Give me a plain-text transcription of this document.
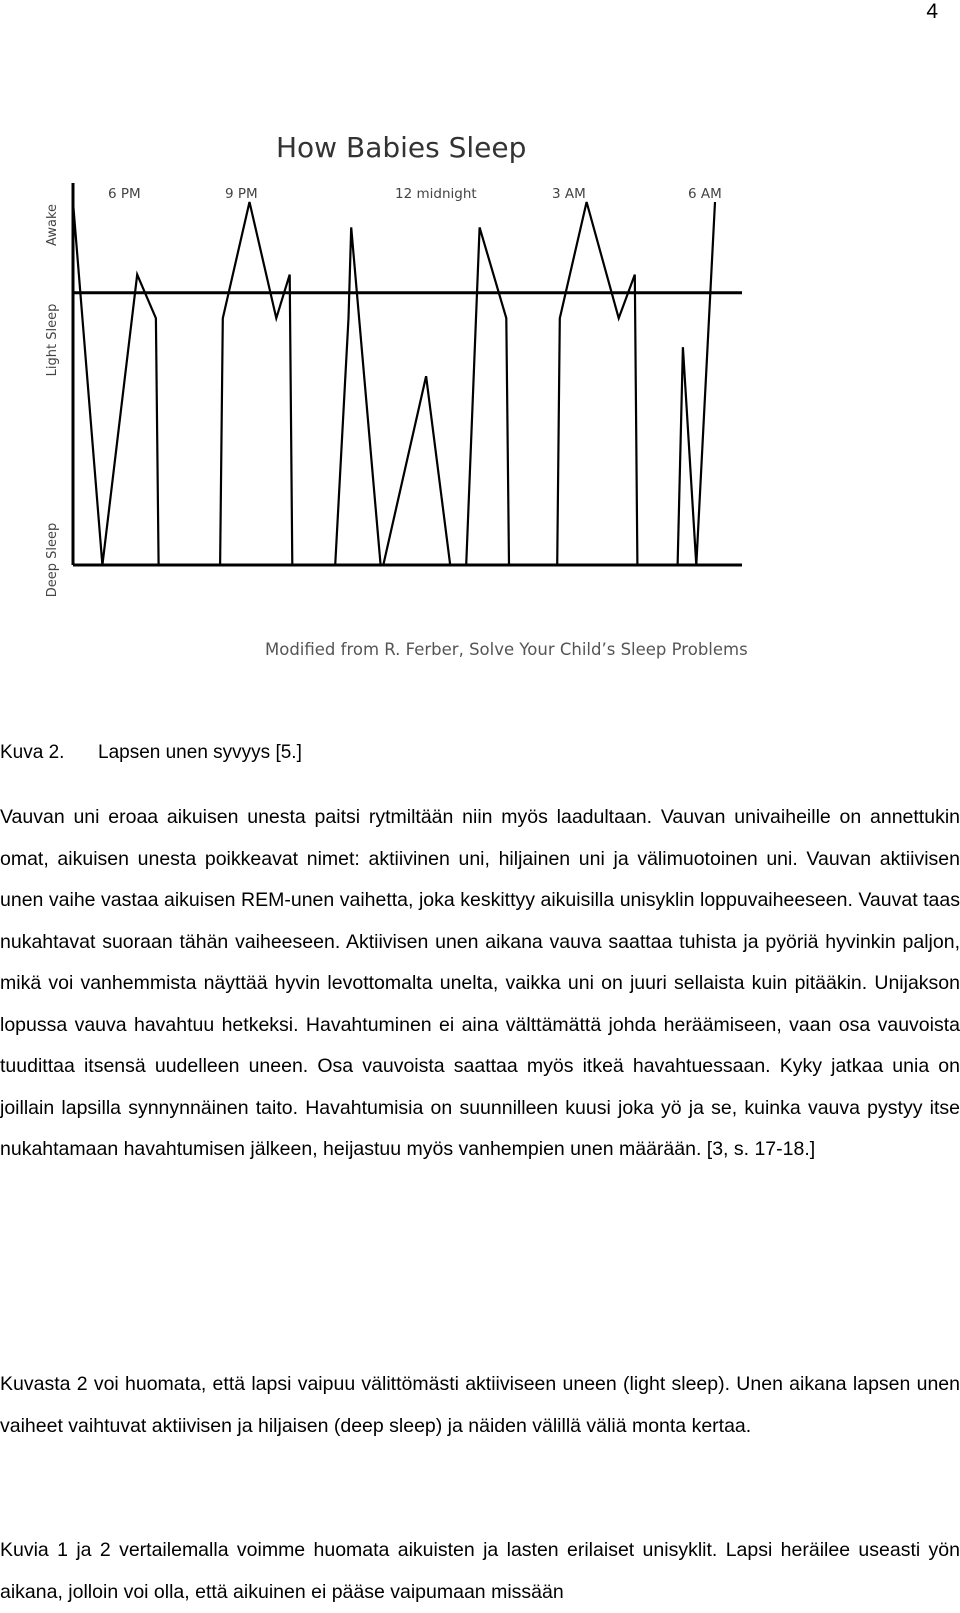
4
How Babies Sleep
Awake
Light Sleep
Deep Sleep
6 PM	9 PM	12 midnight	3 AM	6 AM
Modified from R. Ferber, Solve Your Child’s Sleep Problems
Kuva 2. Lapsen unen syvyys [5.]

Vauvan uni eroaa aikuisen unesta paitsi rytmiltään niin myös laadultaan. Vauvan univaiheille on annettukin omat, aikuisen unesta poikkeavat nimet: aktiivinen uni, hiljainen uni ja välimuotoinen uni. Vauvan aktiivisen unen vaihe vastaa aikuisen REM-unen vaihetta, joka keskittyy aikuisilla unisyklin loppuvaiheeseen. Vauvat taas nukahtavat suoraan tähän vaiheeseen. Aktiivisen unen aikana vauva saattaa tuhista ja pyöriä hyvinkin paljon, mikä voi vanhemmista näyttää hyvin levottomalta unelta, vaikka uni on juuri sellaista kuin pitääkin. Unijakson lopussa vauva havahtuu hetkeksi. Havahtuminen ei aina välttämättä johda heräämiseen, vaan osa vauvoista tuudittaa itsensä uudelleen uneen. Osa vauvoista saattaa myös itkeä havahtuessaan. Kyky jatkaa unia on joillain lapsilla synnynnäinen taito. Havahtumisia on suunnilleen kuusi joka yö ja se, kuinka vauva pystyy itse nukahtamaan havahtumisen jälkeen, heijastuu myös vanhempien unen määrään. [3, s. 17-18.]

Kuvasta 2 voi huomata, että lapsi vaipuu välittömästi aktiiviseen uneen (light sleep). Unen aikana lapsen unen vaiheet vaihtuvat aktiivisen ja hiljaisen (deep sleep) ja näiden välillä väliä monta kertaa.

Kuvia 1 ja 2 vertailemalla voimme huomata aikuisten ja lasten erilaiset unisyklit. Lapsi heräilee useasti yön aikana, jolloin voi olla, että aikuinen ei pääse vaipumaan missään
